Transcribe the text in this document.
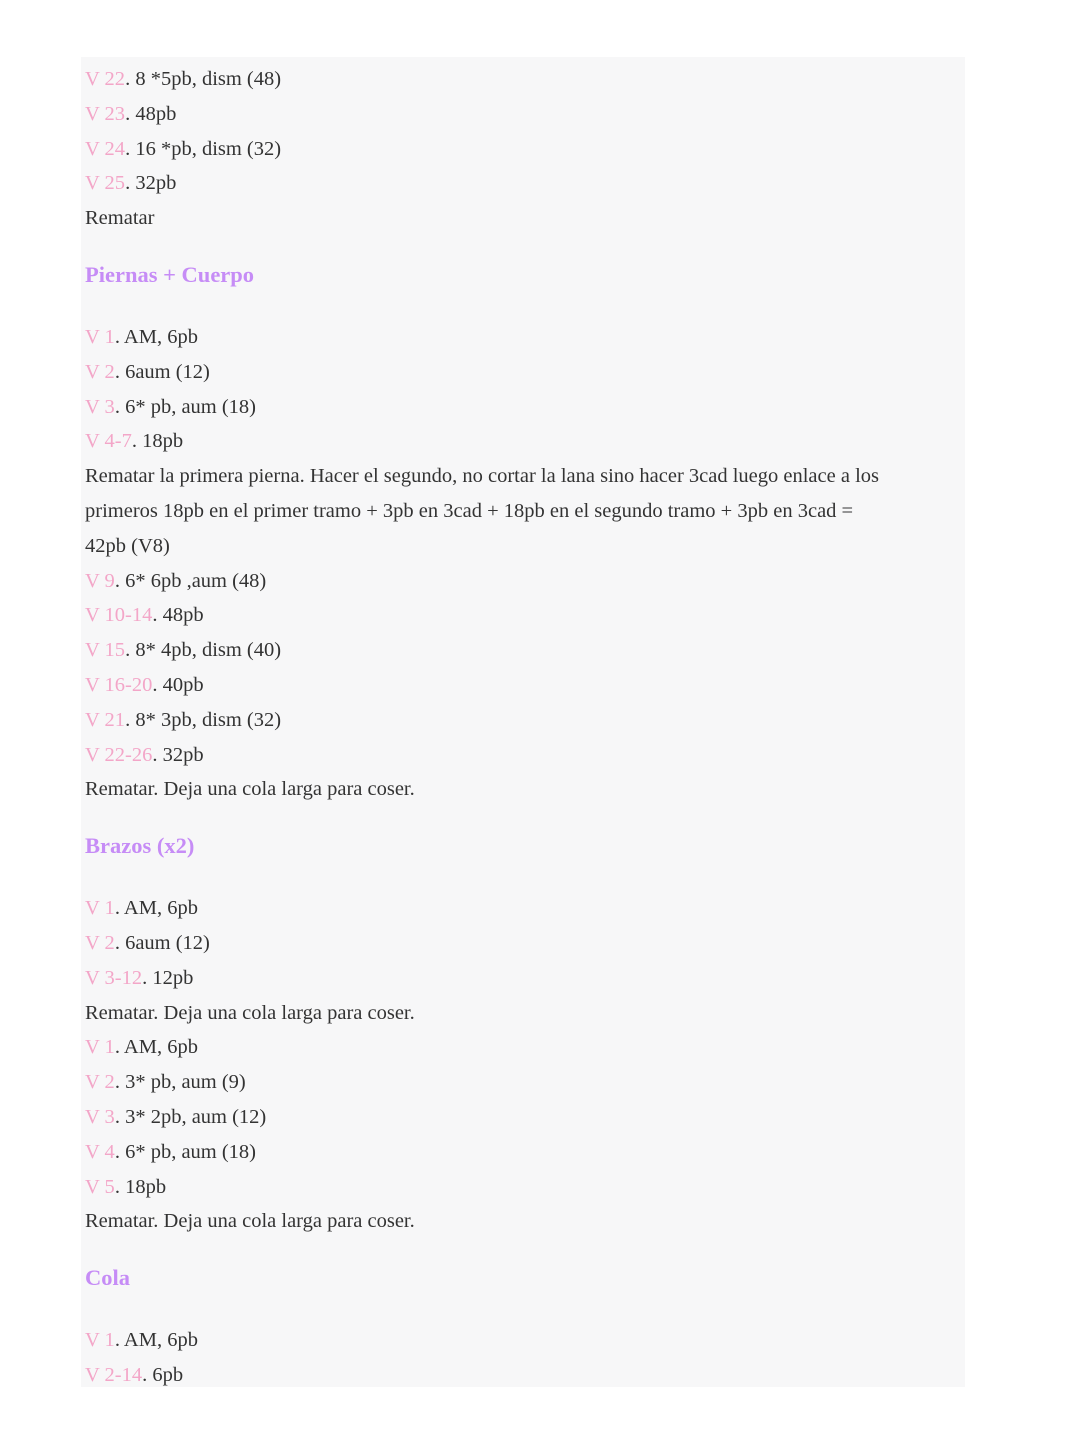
V 22. 8 *5pb, dism (48)
V 23. 48pb
V 24. 16 *pb, dism (32)
V 25. 32pb
Rematar
Piernas + Cuerpo
V 1. AM, 6pb
V 2. 6aum (12)
V 3. 6* pb, aum (18)
V 4-7. 18pb
Rematar la primera pierna. Hacer el segundo, no cortar la lana sino hacer 3cad luego enlace a los
primeros 18pb en el primer tramo + 3pb en 3cad + 18pb en el segundo tramo + 3pb en 3cad =
42pb (V8)
V 9. 6* 6pb ,aum (48)
V 10-14. 48pb
V 15. 8* 4pb, dism (40)
V 16-20. 40pb
V 21. 8* 3pb, dism (32)
V 22-26. 32pb
Rematar. Deja una cola larga para coser.
Brazos (x2)
V 1. AM, 6pb
V 2. 6aum (12)
V 3-12. 12pb
Rematar. Deja una cola larga para coser.
V 1. AM, 6pb
V 2. 3* pb, aum (9)
V 3. 3* 2pb, aum (12)
V 4. 6* pb, aum (18)
V 5. 18pb
Rematar. Deja una cola larga para coser.
Cola
V 1. AM, 6pb
V 2-14. 6pb
